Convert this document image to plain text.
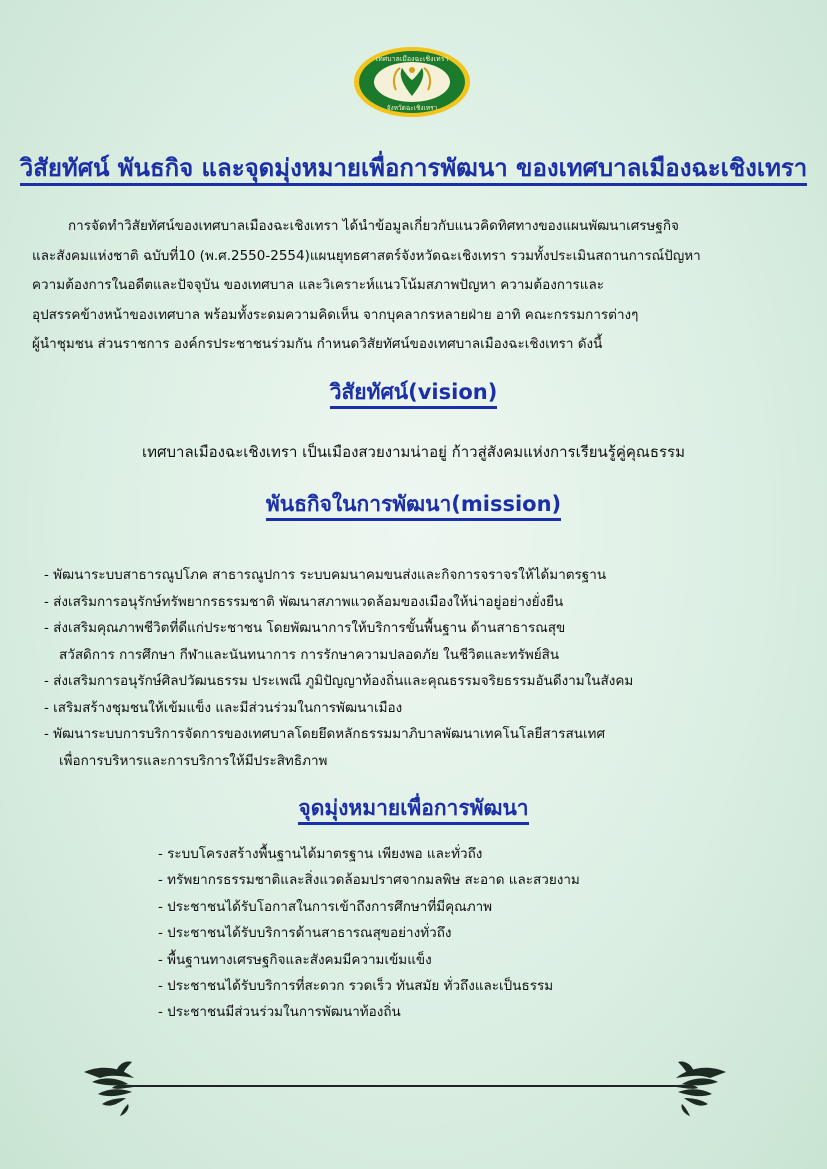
เทศบาลเมืองฉะเชิงเทรา
จังหวัดฉะเชิงเทรา
วิสัยทัศน์ พันธกิจ และจุดมุ่งหมายเพื่อการพัฒนา ของเทศบาลเมืองฉะเชิงเทรา

การจัดทำวิสัยทัศน์ของเทศบาลเมืองฉะเชิงเทรา ได้นำข้อมูลเกี่ยวกับแนวคิดทิศทางของแผนพัฒนาเศรษฐกิจ
และสังคมแห่งชาติ ฉบับที่10 (พ.ศ.2550-2554)แผนยุทธศาสตร์จังหวัดฉะเชิงเทรา รวมทั้งประเมินสถานการณ์ปัญหา
ความต้องการในอดีตและปัจจุบัน ของเทศบาล และวิเคราะห์แนวโน้มสภาพปัญหา ความต้องการและ
อุปสรรคข้างหน้าของเทศบาล พร้อมทั้งระดมความคิดเห็น จากบุคลากรหลายฝ่าย อาทิ คณะกรรมการต่างๆ
ผู้นำชุมชน ส่วนราชการ องค์กรประชาชนร่วมกัน กำหนดวิสัยทัศน์ของเทศบาลเมืองฉะเชิงเทรา ดังนี้

วิสัยทัศน์(vision)

เทศบาลเมืองฉะเชิงเทรา เป็นเมืองสวยงามน่าอยู่ ก้าวสู่สังคมแห่งการเรียนรู้คู่คุณธรรม

พันธกิจในการพัฒนา(mission)
- พัฒนาระบบสาธารณูปโภค สาธารณูปการ ระบบคมนาคมขนส่งและกิจการจราจรให้ได้มาตรฐาน
- ส่งเสริมการอนุรักษ์ทรัพยากรธรรมชาติ พัฒนาสภาพแวดล้อมของเมืองให้น่าอยู่อย่างยั่งยืน
- ส่งเสริมคุณภาพชีวิตที่ดีแก่ประชาชน โดยพัฒนาการให้บริการขั้นพื้นฐาน ด้านสาธารณสุข
สวัสดิการ การศึกษา กีฬาและนันทนาการ การรักษาความปลอดภัย ในชีวิตและทรัพย์สิน
- ส่งเสริมการอนุรักษ์ศิลปวัฒนธรรม ประเพณี ภูมิปัญญาท้องถิ่นและคุณธรรมจริยธรรมอันดีงามในสังคม
- เสริมสร้างชุมชนให้เข้มแข็ง และมีส่วนร่วมในการพัฒนาเมือง
- พัฒนาระบบการบริการจัดการของเทศบาลโดยยึดหลักธรรมมาภิบาลพัฒนาเทคโนโลยีสารสนเทศ
เพื่อการบริหารและการบริการให้มีประสิทธิภาพ
จุดมุ่งหมายเพื่อการพัฒนา
- ระบบโครงสร้างพื้นฐานได้มาตรฐาน เพียงพอ และทั่วถึง
- ทรัพยากรธรรมชาติและสิ่งแวดล้อมปราศจากมลพิษ สะอาด และสวยงาม
- ประชาชนได้รับโอกาสในการเข้าถึงการศึกษาที่มีคุณภาพ
- ประชาชนได้รับบริการด้านสาธารณสุขอย่างทั่วถึง
- พื้นฐานทางเศรษฐกิจและสังคมมีความเข้มแข็ง
- ประชาชนได้รับบริการที่สะดวก รวดเร็ว ทันสมัย ทั่วถึงและเป็นธรรม
- ประชาชนมีส่วนร่วมในการพัฒนาท้องถิ่น
